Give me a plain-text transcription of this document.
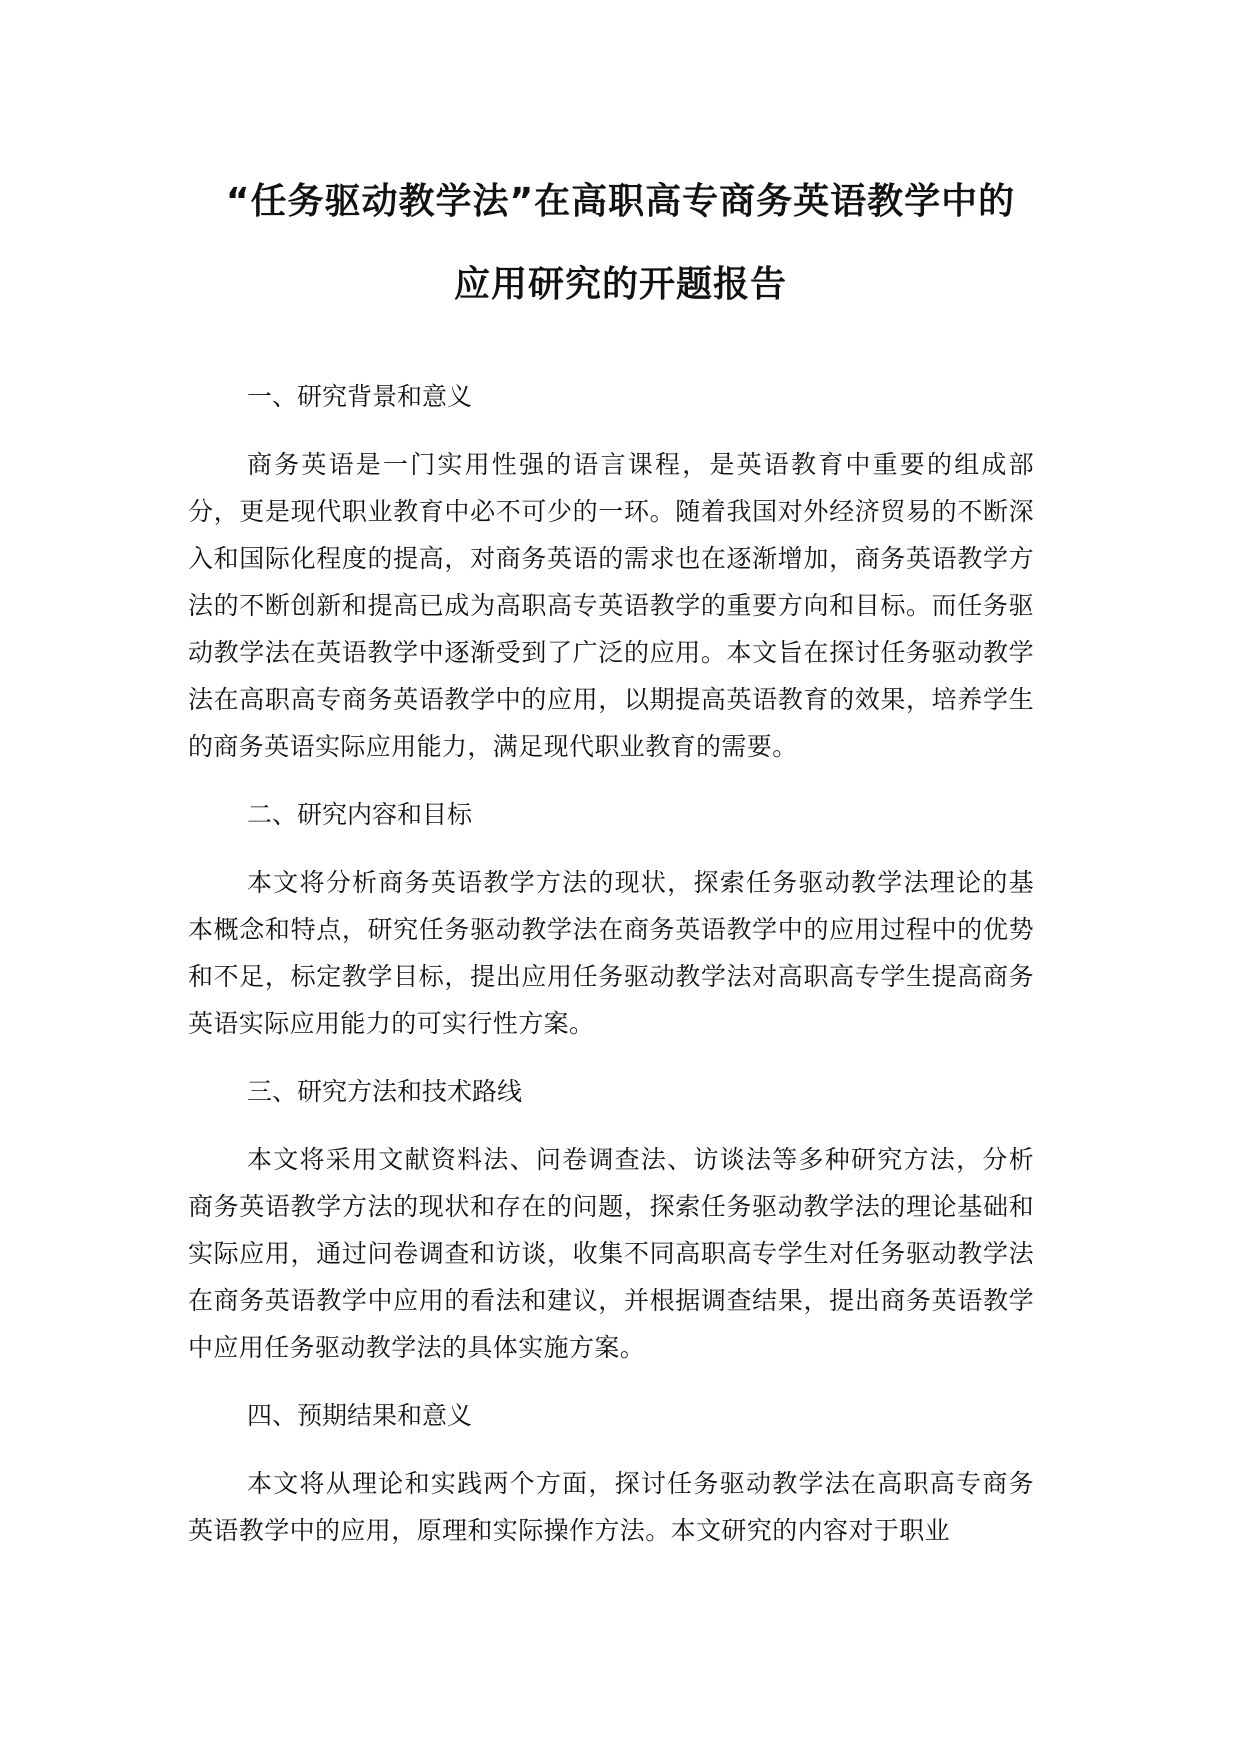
“任务驱动教学法”在高职高专商务英语教学中的
应用研究的开题报告

一、研究背景和意义

商务英语是一门实用性强的语言课程，是英语教育中重要的组成部分，更是现代职业教育中必不可少的一环。随着我国对外经济贸易的不断深入和国际化程度的提高，对商务英语的需求也在逐渐增加，商务英语教学方法的不断创新和提高已成为高职高专英语教学的重要方向和目标。而任务驱动教学法在英语教学中逐渐受到了广泛的应用。本文旨在探讨任务驱动教学法在高职高专商务英语教学中的应用，以期提高英语教育的效果，培养学生的商务英语实际应用能力，满足现代职业教育的需要。

二、研究内容和目标

本文将分析商务英语教学方法的现状，探索任务驱动教学法理论的基本概念和特点，研究任务驱动教学法在商务英语教学中的应用过程中的优势和不足，标定教学目标，提出应用任务驱动教学法对高职高专学生提高商务英语实际应用能力的可实行性方案。

三、研究方法和技术路线

本文将采用文献资料法、问卷调查法、访谈法等多种研究方法，分析商务英语教学方法的现状和存在的问题，探索任务驱动教学法的理论基础和实际应用，通过问卷调查和访谈，收集不同高职高专学生对任务驱动教学法在商务英语教学中应用的看法和建议，并根据调查结果，提出商务英语教学中应用任务驱动教学法的具体实施方案。

四、预期结果和意义

本文将从理论和实践两个方面，探讨任务驱动教学法在高职高专商务英语教学中的应用，原理和实际操作方法。本文研究的内容对于职业
